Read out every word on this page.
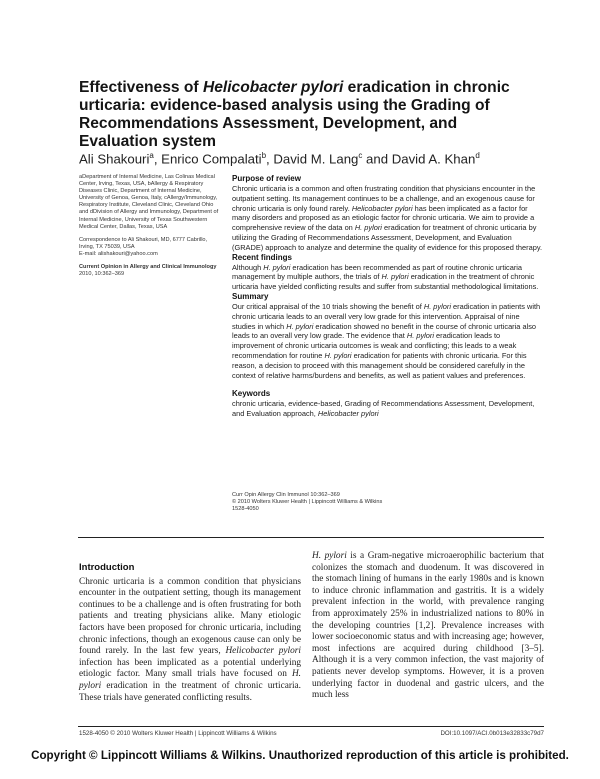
Effectiveness of Helicobacter pylori eradication in chronic urticaria: evidence-based analysis using the Grading of Recommendations Assessment, Development, and Evaluation system
Ali Shakouri$^a$, Enrico Compalati$^b$, David M. Lang$^c$ and David A. Khan$^d$

aDepartment of Internal Medicine, Las Colinas Medical Center, Irving, Texas, USA, bAllergy & Respiratory Diseases Clinic, Department of Internal Medicine, University of Genoa, Genoa, Italy, cAllergy/Immunology, Respiratory Institute, Cleveland Clinic, Cleveland Ohio and dDivision of Allergy and Immunology, Department of Internal Medicine, University of Texas Southwestern Medical Center, Dallas, Texas, USA

Correspondence to Ali Shakouri, MD, 6777 Cabrillo, Irving, TX 75039, USA
E-mail: alishakouri@yahoo.com

Current Opinion in Allergy and Clinical Immunology 2010, 10:362–369

Purpose of review

Chronic urticaria is a common and often frustrating condition that physicians encounter in the outpatient setting. Its management continues to be a challenge, and an exogenous cause for chronic urticaria is only found rarely. Helicobacter pylori has been implicated as a factor for many disorders and proposed as an etiologic factor for chronic urticaria. We aim to provide a comprehensive review of the data on H. pylori eradication for treatment of chronic urticaria by utilizing the Grading of Recommendations Assessment, Development, and Evaluation (GRADE) approach to analyze and determine the quality of evidence for this proposed therapy.

Recent findings

Although H. pylori eradication has been recommended as part of routine chronic urticaria management by multiple authors, the trials of H. pylori eradication in the treatment of chronic urticaria have yielded conflicting results and suffer from substantial methodological limitations.

Summary

Our critical appraisal of the 10 trials showing the benefit of H. pylori eradication in patients with chronic urticaria leads to an overall very low grade for this intervention. Appraisal of nine studies in which H. pylori eradication showed no benefit in the course of chronic urticaria also leads to an overall very low grade. The evidence that H. pylori eradication leads to improvement of chronic urticaria outcomes is weak and conflicting; this leads to a weak recommendation for routine H. pylori eradication for patients with chronic urticaria. For this reason, a decision to proceed with this management should be considered carefully in the context of relative harms/burdens and benefits, as well as patient values and preferences.

Keywords

chronic urticaria, evidence-based, Grading of Recommendations Assessment, Development, and Evaluation approach, Helicobacter pylori

Curr Opin Allergy Clin Immunol 10:362–369
© 2010 Wolters Kluwer Health | Lippincott Williams & Wilkins
1528-4050
Introduction

Chronic urticaria is a common condition that physicians encounter in the outpatient setting, though its management continues to be a challenge and is often frustrating for both patients and treating physicians alike. Many etiologic factors have been proposed for chronic urticaria, including chronic infections, though an exogenous cause can only be found rarely. In the last few years, Helicobacter pylori infection has been implicated as a potential underlying etiologic factor. Many small trials have focused on H. pylori eradication in the treatment of chronic urticaria. These trials have generated conflicting results.

H. pylori is a Gram-negative microaerophilic bacterium that colonizes the stomach and duodenum. It was discovered in the stomach lining of humans in the early 1980s and is known to induce chronic inflammation and gastritis. It is a widely prevalent infection in the world, with prevalence ranging from approximately 25% in industrialized nations to 80% in the developing countries [1,2]. Prevalence increases with lower socioeconomic status and with increasing age; however, most infections are acquired during childhood [3–5]. Although it is a very common infection, the vast majority of patients never develop symptoms. However, it is a proven underlying factor in duodenal and gastric ulcers, and the much less

1528-4050 © 2010 Wolters Kluwer Health | Lippincott Williams & Wilkins	DOI:10.1097/ACI.0b013e32833c79d7
Copyright © Lippincott Williams & Wilkins. Unauthorized reproduction of this article is prohibited.
